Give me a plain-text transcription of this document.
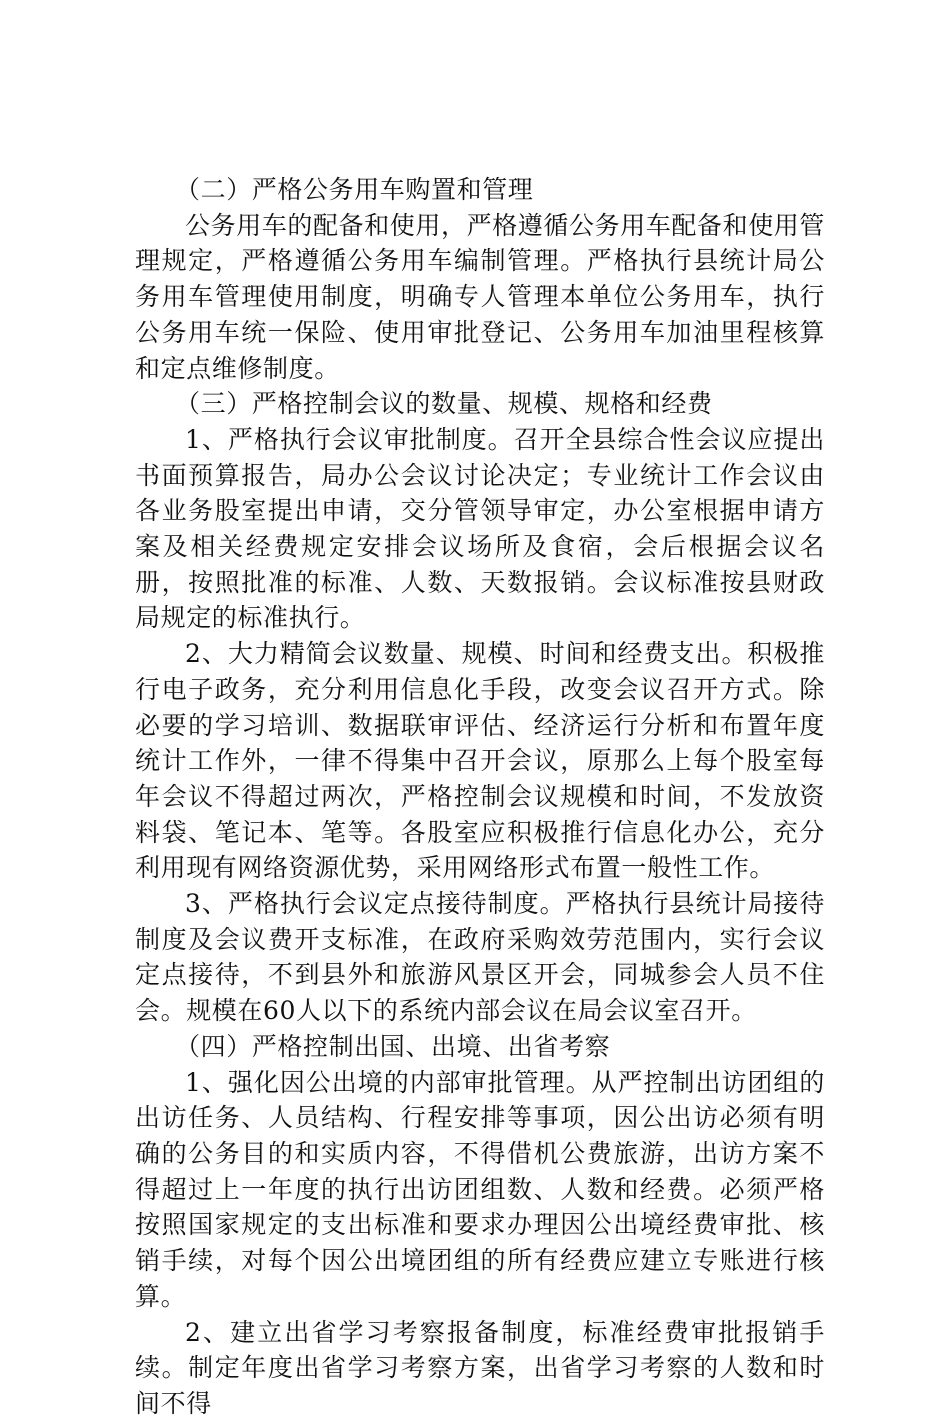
（二）严格公务用车购置和管理

公务用车的配备和使用，严格遵循公务用车配备和使用管理规定，严格遵循公务用车编制管理。严格执行县统计局公务用车管理使用制度，明确专人管理本单位公务用车，执行公务用车统一保险、使用审批登记、公务用车加油里程核算和定点维修制度。

（三）严格控制会议的数量、规模、规格和经费

1、严格执行会议审批制度。召开全县综合性会议应提出书面预算报告，局办公会议讨论决定；专业统计工作会议由各业务股室提出申请，交分管领导审定，办公室根据申请方案及相关经费规定安排会议场所及食宿，会后根据会议名册，按照批准的标准、人数、天数报销。会议标准按县财政局规定的标准执行。

2、大力精简会议数量、规模、时间和经费支出。积极推行电子政务，充分利用信息化手段，改变会议召开方式。除必要的学习培训、数据联审评估、经济运行分析和布置年度统计工作外，一律不得集中召开会议，原那么上每个股室每年会议不得超过两次，严格控制会议规模和时间，不发放资料袋、笔记本、笔等。各股室应积极推行信息化办公，充分利用现有网络资源优势，采用网络形式布置一般性工作。

3、严格执行会议定点接待制度。严格执行县统计局接待制度及会议费开支标准，在政府采购效劳范围内，实行会议定点接待，不到县外和旅游风景区开会，同城参会人员不住会。规模在60人以下的系统内部会议在局会议室召开。

（四）严格控制出国、出境、出省考察

1、强化因公出境的内部审批管理。从严控制出访团组的出访任务、人员结构、行程安排等事项，因公出访必须有明确的公务目的和实质内容，不得借机公费旅游，出访方案不得超过上一年度的执行出访团组数、人数和经费。必须严格按照国家规定的支出标准和要求办理因公出境经费审批、核销手续，对每个因公出境团组的所有经费应建立专账进行核算。

2、建立出省学习考察报备制度，标准经费审批报销手续。制定年度出省学习考察方案，出省学习考察的人数和时间不得
